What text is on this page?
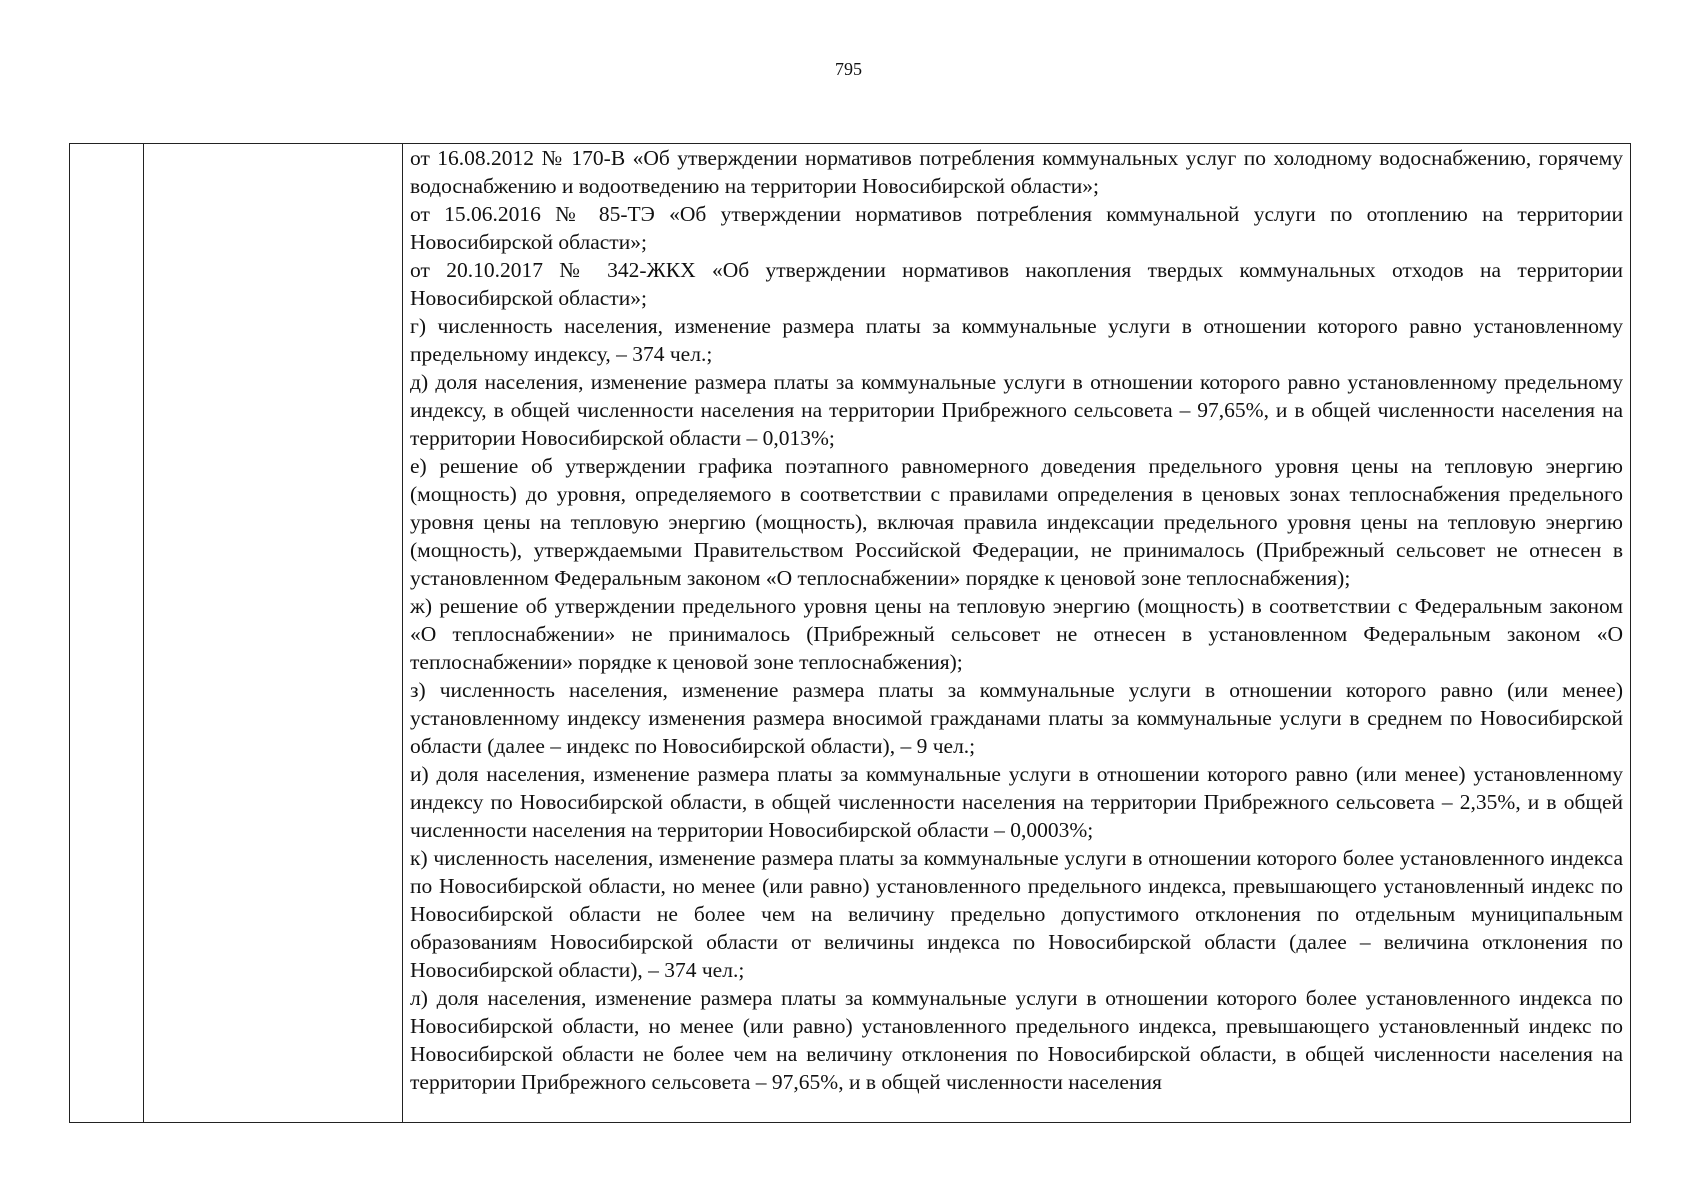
795

от 16.08.2012 № 170-В «Об утверждении нормативов потребления коммунальных услуг по холодному водоснабжению, горячему водоснабжению и водоотведению на территории Новосибирской области»;

от 15.06.2016 № 85-ТЭ «Об утверждении нормативов потребления коммунальной услуги по отоплению на территории Новосибирской области»;

от 20.10.2017 № 342-ЖКХ «Об утверждении нормативов накопления твердых коммунальных отходов на территории Новосибирской области»;

г) численность населения, изменение размера платы за коммунальные услуги в отношении которого равно установленному предельному индексу, – 374 чел.;

д) доля населения, изменение размера платы за коммунальные услуги в отношении которого равно установленному предельному индексу, в общей численности населения на территории Прибрежного сельсовета – 97,65%, и в общей численности населения на территории Новосибирской области – 0,013%;

е) решение об утверждении графика поэтапного равномерного доведения предельного уровня цены на тепловую энергию (мощность) до уровня, определяемого в соответствии с правилами определения в ценовых зонах теплоснабжения предельного уровня цены на тепловую энергию (мощность), включая правила индексации предельного уровня цены на тепловую энергию (мощность), утверждаемыми Правительством Российской Федерации, не принималось (Прибрежный сельсовет не отнесен в установленном Федеральным законом «О теплоснабжении» порядке к ценовой зоне теплоснабжения);

ж) решение об утверждении предельного уровня цены на тепловую энергию (мощность) в соответствии с Федеральным законом «О теплоснабжении» не принималось (Прибрежный сельсовет не отнесен в установленном Федеральным законом «О теплоснабжении» порядке к ценовой зоне теплоснабжения);

з) численность населения, изменение размера платы за коммунальные услуги в отношении которого равно (или менее) установленному индексу изменения размера вносимой гражданами платы за коммунальные услуги в среднем по Новосибирской области (далее – индекс по Новосибирской области), – 9 чел.;

и) доля населения, изменение размера платы за коммунальные услуги в отношении которого равно (или менее) установленному индексу по Новосибирской области, в общей численности населения на территории Прибрежного сельсовета – 2,35%, и в общей численности населения на территории Новосибирской области – 0,0003%;

к) численность населения, изменение размера платы за коммунальные услуги в отношении которого более установленного индекса по Новосибирской области, но менее (или равно) установленного предельного индекса, превышающего установленный индекс по Новосибирской области не более чем на величину предельно допустимого отклонения по отдельным муниципальным образованиям Новосибирской области от величины индекса по Новосибирской области (далее – величина отклонения по Новосибирской области), – 374 чел.;

л) доля населения, изменение размера платы за коммунальные услуги в отношении которого более установленного индекса по Новосибирской области, но менее (или равно) установленного предельного индекса, превышающего установленный индекс по Новосибирской области не более чем на величину отклонения по Новосибирской области, в общей численности населения на территории Прибрежного сельсовета – 97,65%, и в общей численности населения
